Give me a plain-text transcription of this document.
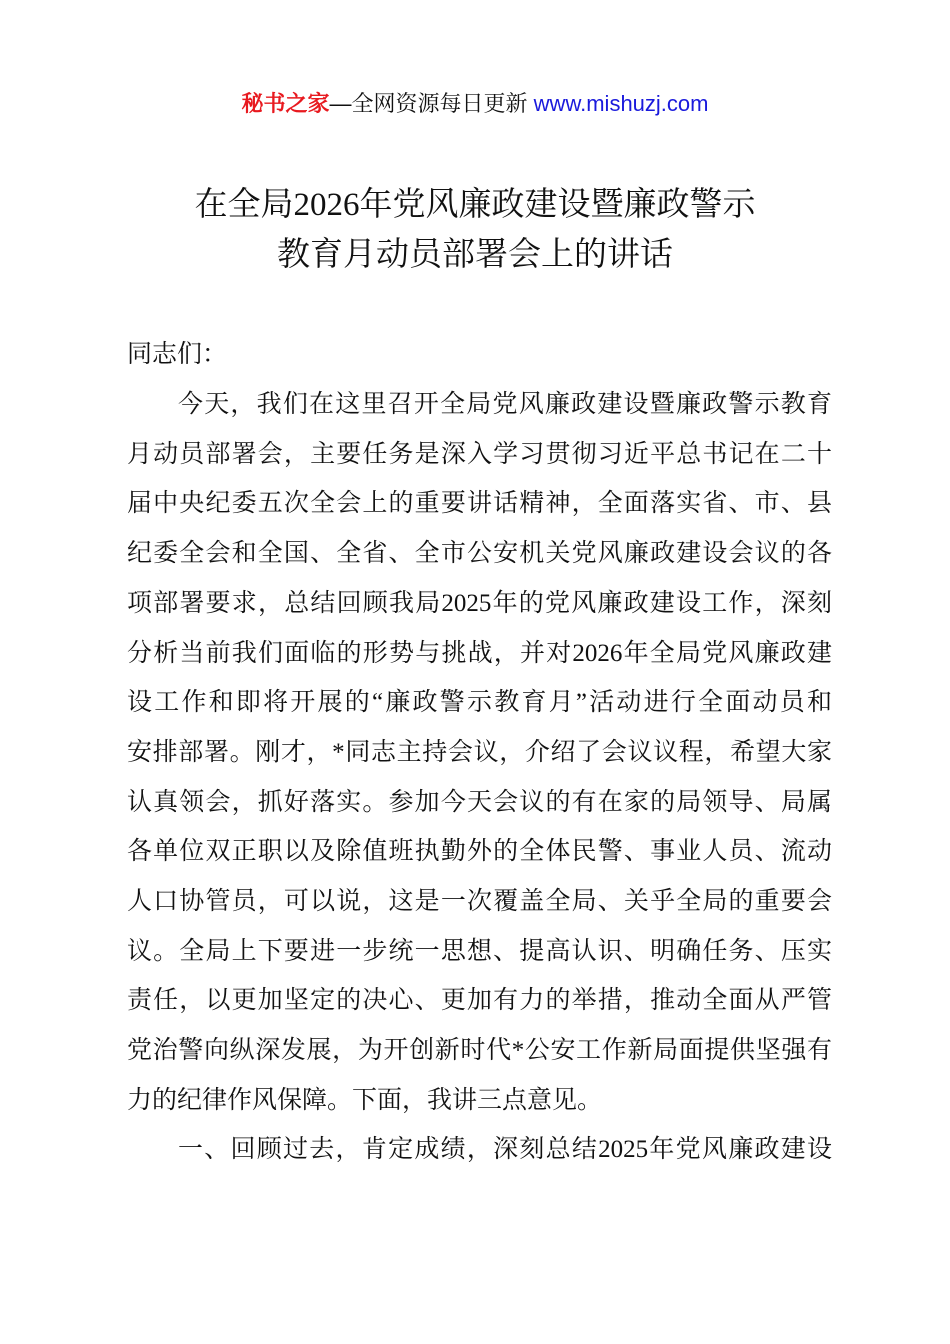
秘书之家—全网资源每日更新 www.mishuzj.com
在全局2026年党风廉政建设暨廉政警示
教育月动员部署会上的讲话
同志们：
今天，我们在这里召开全局党风廉政建设暨廉政警示教育
月动员部署会，主要任务是深入学习贯彻习近平总书记在二十
届中央纪委五次全会上的重要讲话精神，全面落实省、市、县
纪委全会和全国、全省、全市公安机关党风廉政建设会议的各
项部署要求，总结回顾我局2025年的党风廉政建设工作，深刻
分析当前我们面临的形势与挑战，并对2026年全局党风廉政建
设工作和即将开展的“廉政警示教育月”活动进行全面动员和
安排部署。刚才，*同志主持会议，介绍了会议议程，希望大家
认真领会，抓好落实。参加今天会议的有在家的局领导、局属
各单位双正职以及除值班执勤外的全体民警、事业人员、流动
人口协管员，可以说，这是一次覆盖全局、关乎全局的重要会
议。全局上下要进一步统一思想、提高认识、明确任务、压实
责任，以更加坚定的决心、更加有力的举措，推动全面从严管
党治警向纵深发展，为开创新时代*公安工作新局面提供坚强有
力的纪律作风保障。下面，我讲三点意见。
一、回顾过去，肯定成绩，深刻总结2025年党风廉政建设
